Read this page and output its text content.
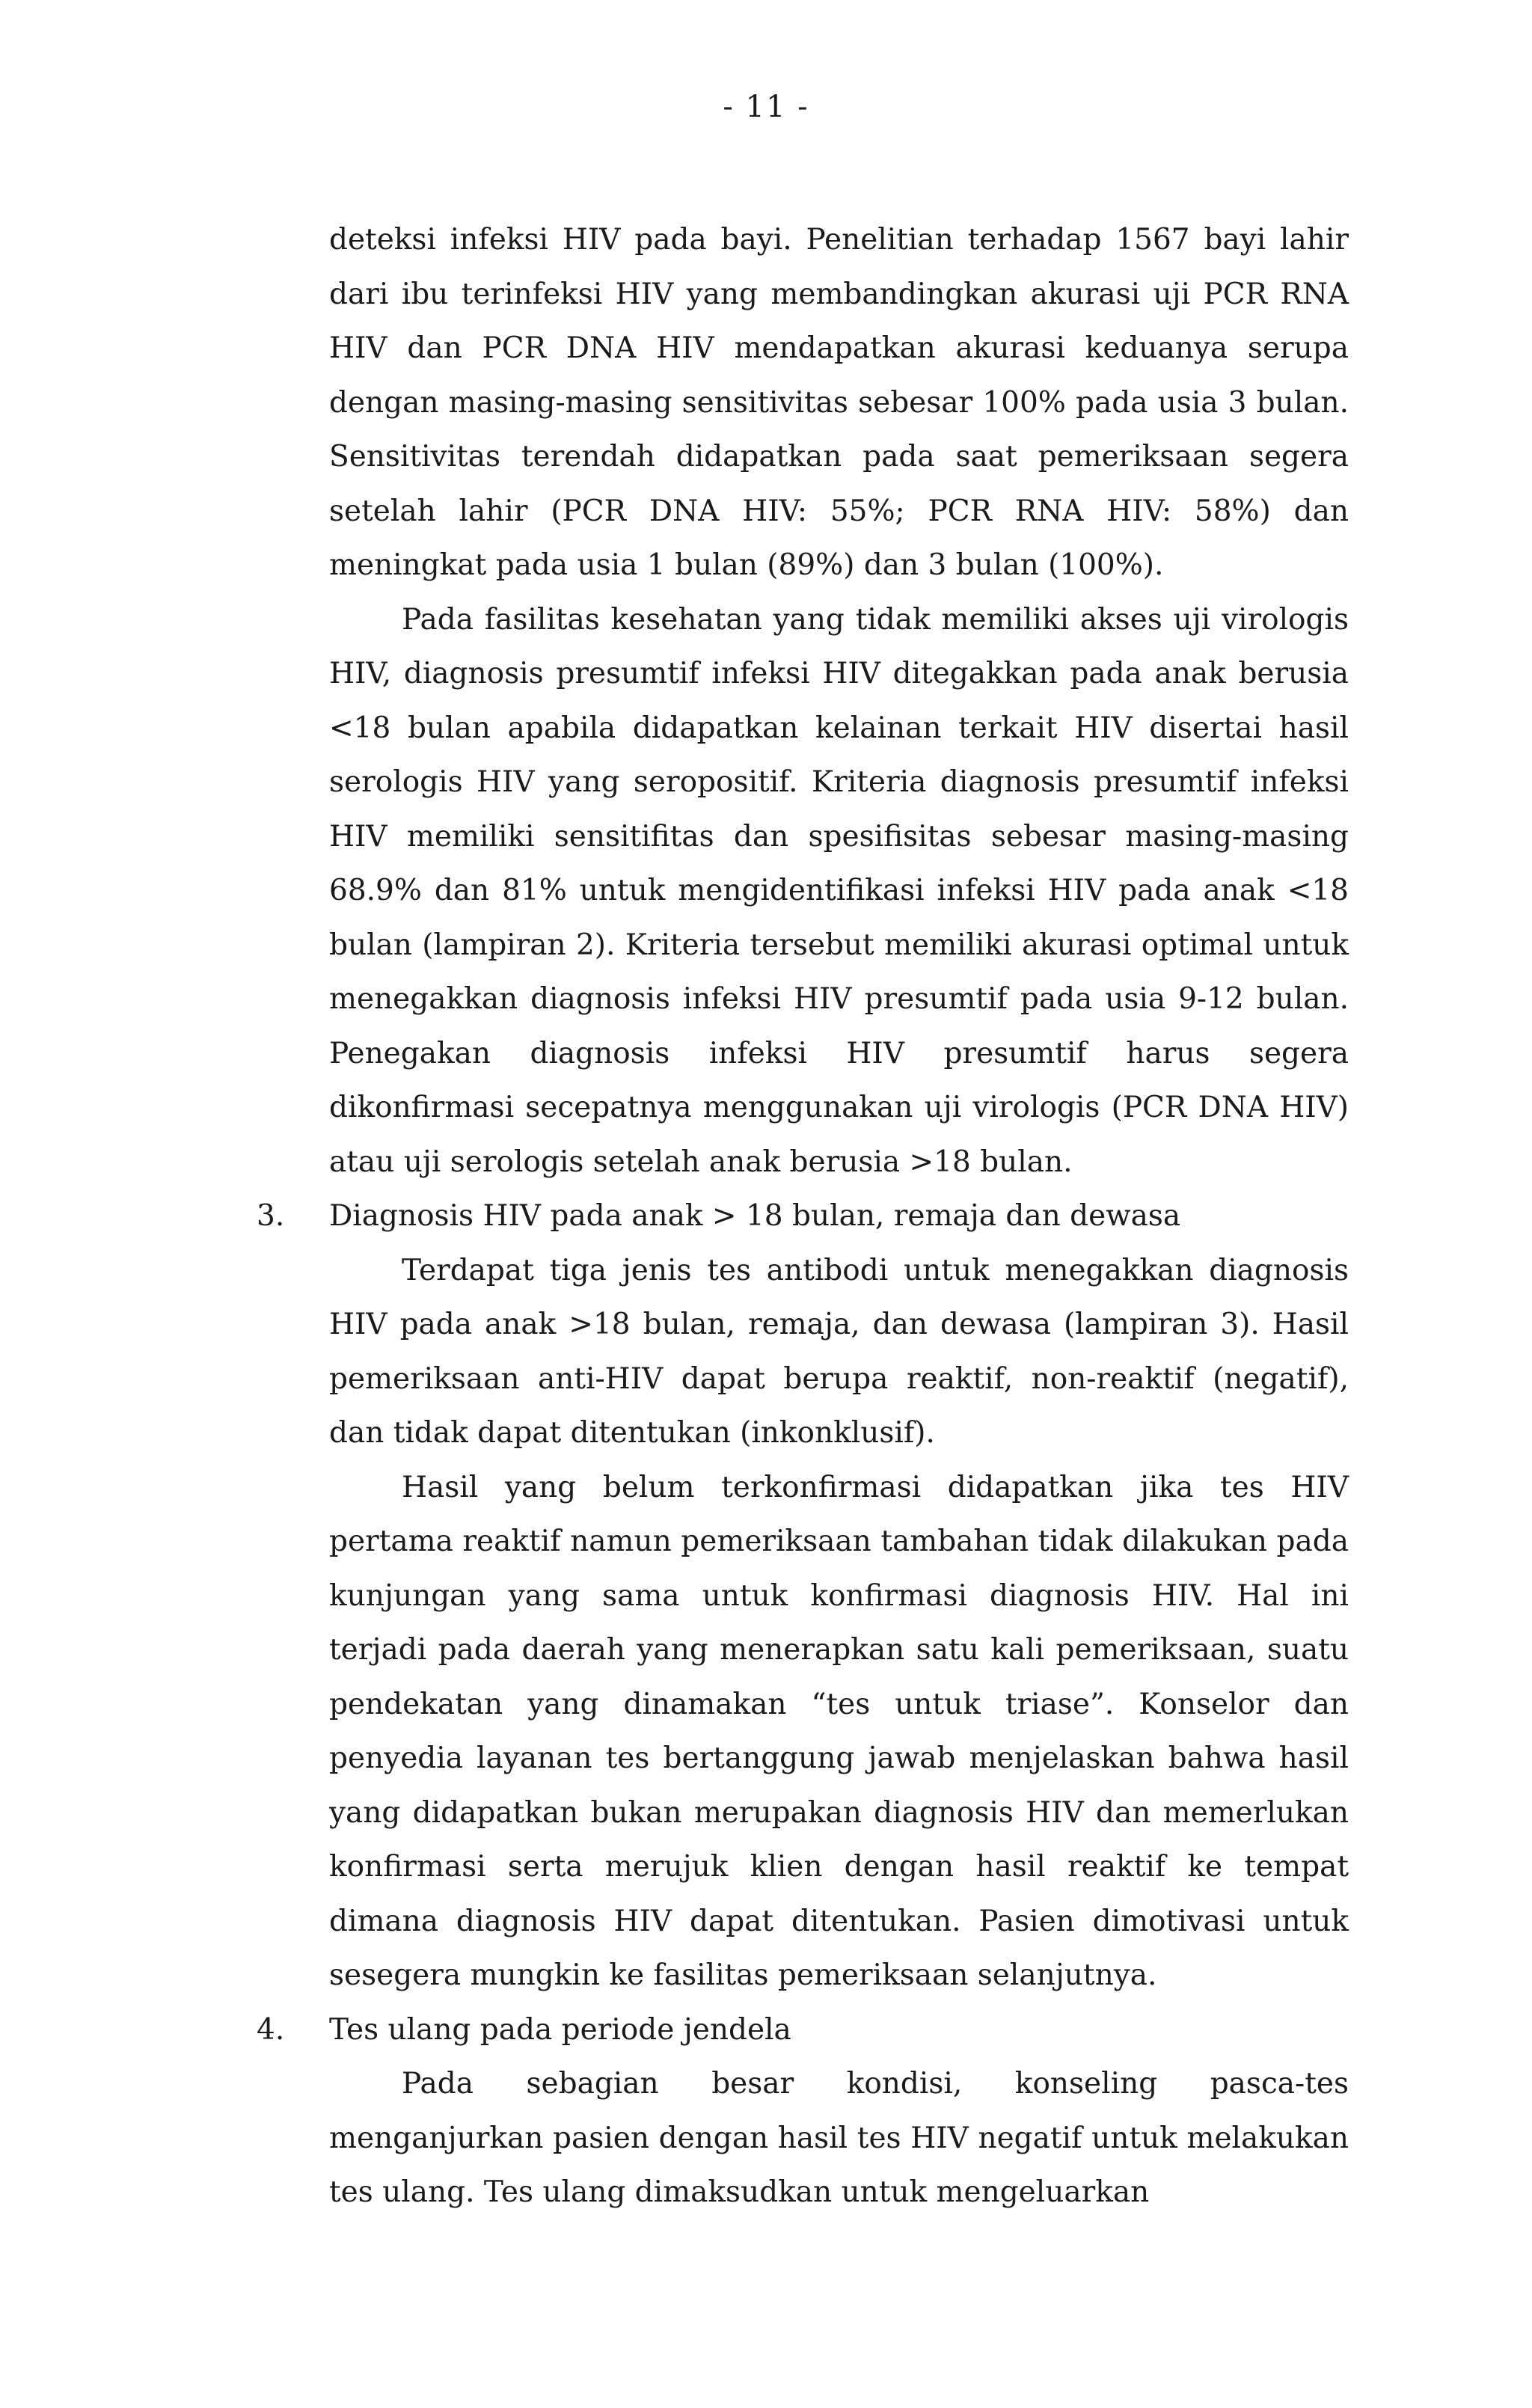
- 11 -

deteksi infeksi HIV pada bayi. Penelitian terhadap 1567 bayi lahir dari ibu terinfeksi HIV yang membandingkan akurasi uji PCR RNA HIV dan PCR DNA HIV mendapatkan akurasi keduanya serupa dengan masing-masing sensitivitas sebesar 100% pada usia 3 bulan. Sensitivitas terendah didapatkan pada saat pemeriksaan segera setelah lahir (PCR DNA HIV: 55%; PCR RNA HIV: 58%) dan meningkat pada usia 1 bulan (89%) dan 3 bulan (100%).

Pada fasilitas kesehatan yang tidak memiliki akses uji virologis HIV, diagnosis presumtif infeksi HIV ditegakkan pada anak berusia <18 bulan apabila didapatkan kelainan terkait HIV disertai hasil serologis HIV yang seropositif. Kriteria diagnosis presumtif infeksi HIV memiliki sensitifitas dan spesifisitas sebesar masing-masing 68.9% dan 81% untuk mengidentifikasi infeksi HIV pada anak <18 bulan (lampiran 2). Kriteria tersebut memiliki akurasi optimal untuk menegakkan diagnosis infeksi HIV presumtif pada usia 9-12 bulan. Penegakan diagnosis infeksi HIV presumtif harus segera dikonfirmasi secepatnya menggunakan uji virologis (PCR DNA HIV) atau uji serologis setelah anak berusia >18 bulan.

3. Diagnosis HIV pada anak > 18 bulan, remaja dan dewasa

Terdapat tiga jenis tes antibodi untuk menegakkan diagnosis HIV pada anak >18 bulan, remaja, dan dewasa (lampiran 3). Hasil pemeriksaan anti-HIV dapat berupa reaktif, non-reaktif (negatif), dan tidak dapat ditentukan (inkonklusif).

Hasil yang belum terkonfirmasi didapatkan jika tes HIV pertama reaktif namun pemeriksaan tambahan tidak dilakukan pada kunjungan yang sama untuk konfirmasi diagnosis HIV. Hal ini terjadi pada daerah yang menerapkan satu kali pemeriksaan, suatu pendekatan yang dinamakan “tes untuk triase”. Konselor dan penyedia layanan tes bertanggung jawab menjelaskan bahwa hasil yang didapatkan bukan merupakan diagnosis HIV dan memerlukan konfirmasi serta merujuk klien dengan hasil reaktif ke tempat dimana diagnosis HIV dapat ditentukan. Pasien dimotivasi untuk sesegera mungkin ke fasilitas pemeriksaan selanjutnya.

4. Tes ulang pada periode jendela

Pada sebagian besar kondisi, konseling pasca-tes menganjurkan pasien dengan hasil tes HIV negatif untuk melakukan tes ulang. Tes ulang dimaksudkan untuk mengeluarkan
